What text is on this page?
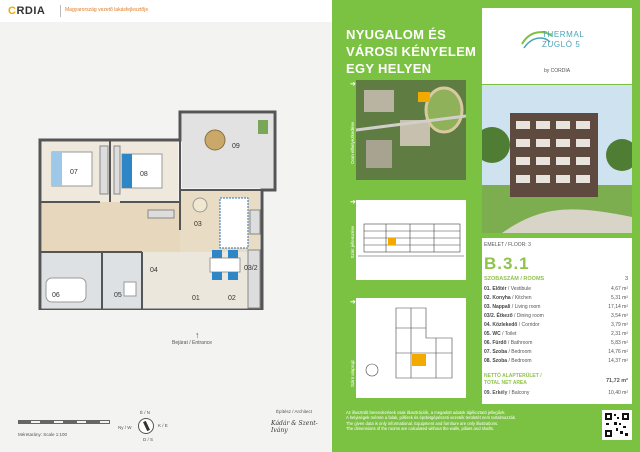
CRDIA	Magyarország vezető lakásfejlesztője
07	08
09
03
03/2
04
05
06	01	02
↑
Bejárat / Entrance
Méretarány: Scale 1:100
É / N
K / E
D / S
Ny / W
Építész / Architect
Kádár & Szent-Ivány
NYUGALOM ÉS
VÁROSI KÉNYELEM
EGY HELYEN
THERMAL
ZUGLÓ 5
by CORDIA
➔
Dom elhelyezkedése
➔
Szint jellemzése
➔
Szint alaprajz
EMELET / FLOOR: 3
B.3.1
SZOBASZÁM / ROOMS	3
01. Előtér / Vestibule	4,67 m²
02. Konyha / Kitchen	5,31 m²
03. Nappali / Living room	17,14 m²
03/2. Étkező / Dining room	3,54 m²
04. Közlekedő / Corridor	3,79 m²
05. WC / Toilet	2,31 m²
06. Fürdő / Bathroom	5,83 m²
07. Szoba / Bedroom	14,76 m²
08. Szoba / Bedroom	14,37 m²
NETTÓ ALAPTERÜLET /
TOTAL NET AREA	71,72 m²
09. Erkély / Balcony	10,40 m²
Az illusztrált berendezések csak illusztrációk, a megadott adatok tájékoztató jellegűek.
A helyiségek mérete a falak, pillérek és épületgépészeti vezeték területét nem tartalmazzák.
The given data is only informational. Equipment and furniture are only illustrations.
The dimensions of the rooms are calculated without the walls, pillars and shafts.
